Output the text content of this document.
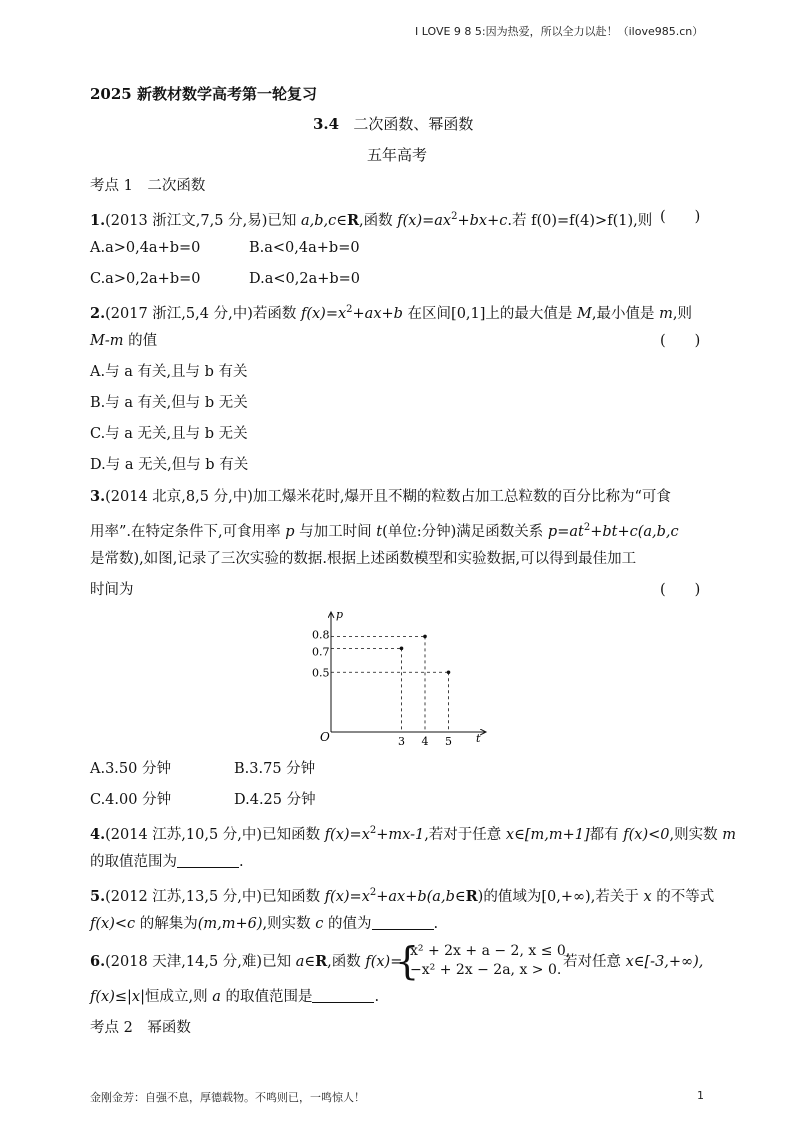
I LOVE 9 8 5:因为热爱，所以全力以赴！（ilove985.cn）
2025 新教材数学高考第一轮复习
3.4 二次函数、幂函数
五年高考
考点 1　二次函数
1.(2013 浙江文,7,5 分,易)已知 a,b,c∈R,函数 $f(x)=ax^2+bx+c$.若 f(0)=f(4)>f(1),则 (　　)
A.a>0,4a+b=0	B.a<0,4a+b=0
C.a>0,2a+b=0	D.a<0,2a+b=0
2.(2017 浙江,5,4 分,中)若函数 $f(x)=x^2+ax+b$ 在区间[0,1]上的最大值是 M,最小值是 m,则
M-m 的值	(　　)
A.与 a 有关,且与 b 有关
B.与 a 有关,但与 b 无关
C.与 a 无关,且与 b 无关
D.与 a 无关,但与 b 有关
3.(2014 北京,8,5 分,中)加工爆米花时,爆开且不糊的粒数占加工总粒数的百分比称为“可食
用率”.在特定条件下,可食用率 p 与加工时间 t(单位:分钟)满足函数关系 $p=at^2+bt+c(a,b,c$
是常数),如图,记录了三次实验的数据.根据上述函数模型和实验数据,可以得到最佳加工
时间为	(　　)
p
t
O	3 4 5
0.8
0.7
0.5
A.3.50 分钟	B.3.75 分钟
C.4.00 分钟	D.4.25 分钟
4.(2014 江苏,10,5 分,中)已知函数 $f(x)=x^2+mx-1$,若对于任意 x∈[m,m+1]都有 f(x)<0,则实数 m
的取值范围为	.
5.(2012 江苏,13,5 分,中)已知函数 $f(x)=x^2+ax+b(a,b\in R)$的值域为[0,+∞),若关于 x 的不等式
f(x)<c 的解集为(m,m+6),则实数 c 的值为	.
6.(2018 天津,14,5 分,难)已知 a∈R,函数 f(x)=
{
x² + 2x + a − 2, x ≤ 0,
−x² + 2x − 2a, x > 0. 若对任意 x∈[-3,+∞),
f(x)≤|x|恒成立,则 a 的取值范围是	.
考点 2　幂函数
金刚金芳：自强不息，厚德载物。不鸣则已，一鸣惊人！	1
